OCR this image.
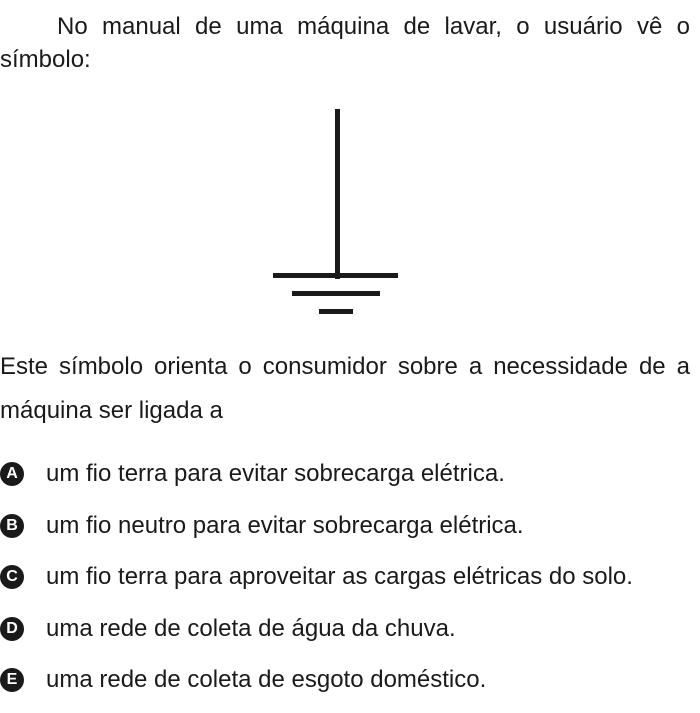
No manual de uma máquina de lavar, o usuário vê o símbolo:

Este símbolo orienta o consumidor sobre a necessidade de a máquina ser ligada a

A um fio terra para evitar sobrecarga elétrica.
B um fio neutro para evitar sobrecarga elétrica.
C um fio terra para aproveitar as cargas elétricas do solo.
D uma rede de coleta de água da chuva.
E uma rede de coleta de esgoto doméstico.
